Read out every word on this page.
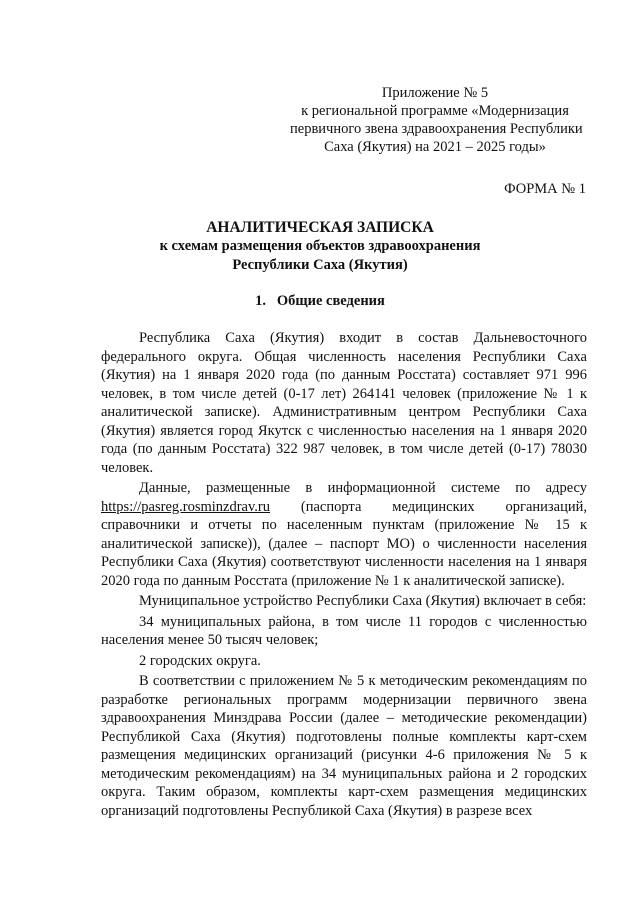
Приложение № 5
к региональной программе «Модернизация
первичного звена здравоохранения Республики
Саха (Якутия) на 2021 – 2025 годы»
ФОРМА № 1
АНАЛИТИЧЕСКАЯ ЗАПИСКА
к схемам размещения объектов здравоохранения
Республики Саха (Якутия)
1. Общие сведения

Республика Саха (Якутия) входит в состав Дальневосточного федерального округа. Общая численность населения Республики Саха (Якутия) на 1 января 2020 года (по данным Росстата) составляет 971 996 человек, в том числе детей (0-17 лет) 264141 человек (приложение № 1 к аналитической записке). Административным центром Республики Саха (Якутия) является город Якутск с численностью населения на 1 января 2020 года (по данным Росстата) 322 987 человек, в том числе детей (0-17) 78030 человек.

Данные, размещенные в информационной системе по адресу https://pasreg.rosminzdrav.ru (паспорта медицинских организаций, справочники и отчеты по населенным пунктам (приложение № 15 к аналитической записке)), (далее – паспорт МО) о численности населения Республики Саха (Якутия) соответствуют численности населения на 1 января 2020 года по данным Росстата (приложение № 1 к аналитической записке).

Муниципальное устройство Республики Саха (Якутия) включает в себя:

34 муниципальных района, в том числе 11 городов с численностью населения менее 50 тысяч человек;

2 городских округа.

В соответствии с приложением № 5 к методическим рекомендациям по разработке региональных программ модернизации первичного звена здравоохранения Минздрава России (далее – методические рекомендации) Республикой Саха (Якутия) подготовлены полные комплекты карт-схем размещения медицинских организаций (рисунки 4-6 приложения № 5 к методическим рекомендациям) на 34 муниципальных района и 2 городских округа. Таким образом, комплекты карт-схем размещения медицинских организаций подготовлены Республикой Саха (Якутия) в разрезе всех
